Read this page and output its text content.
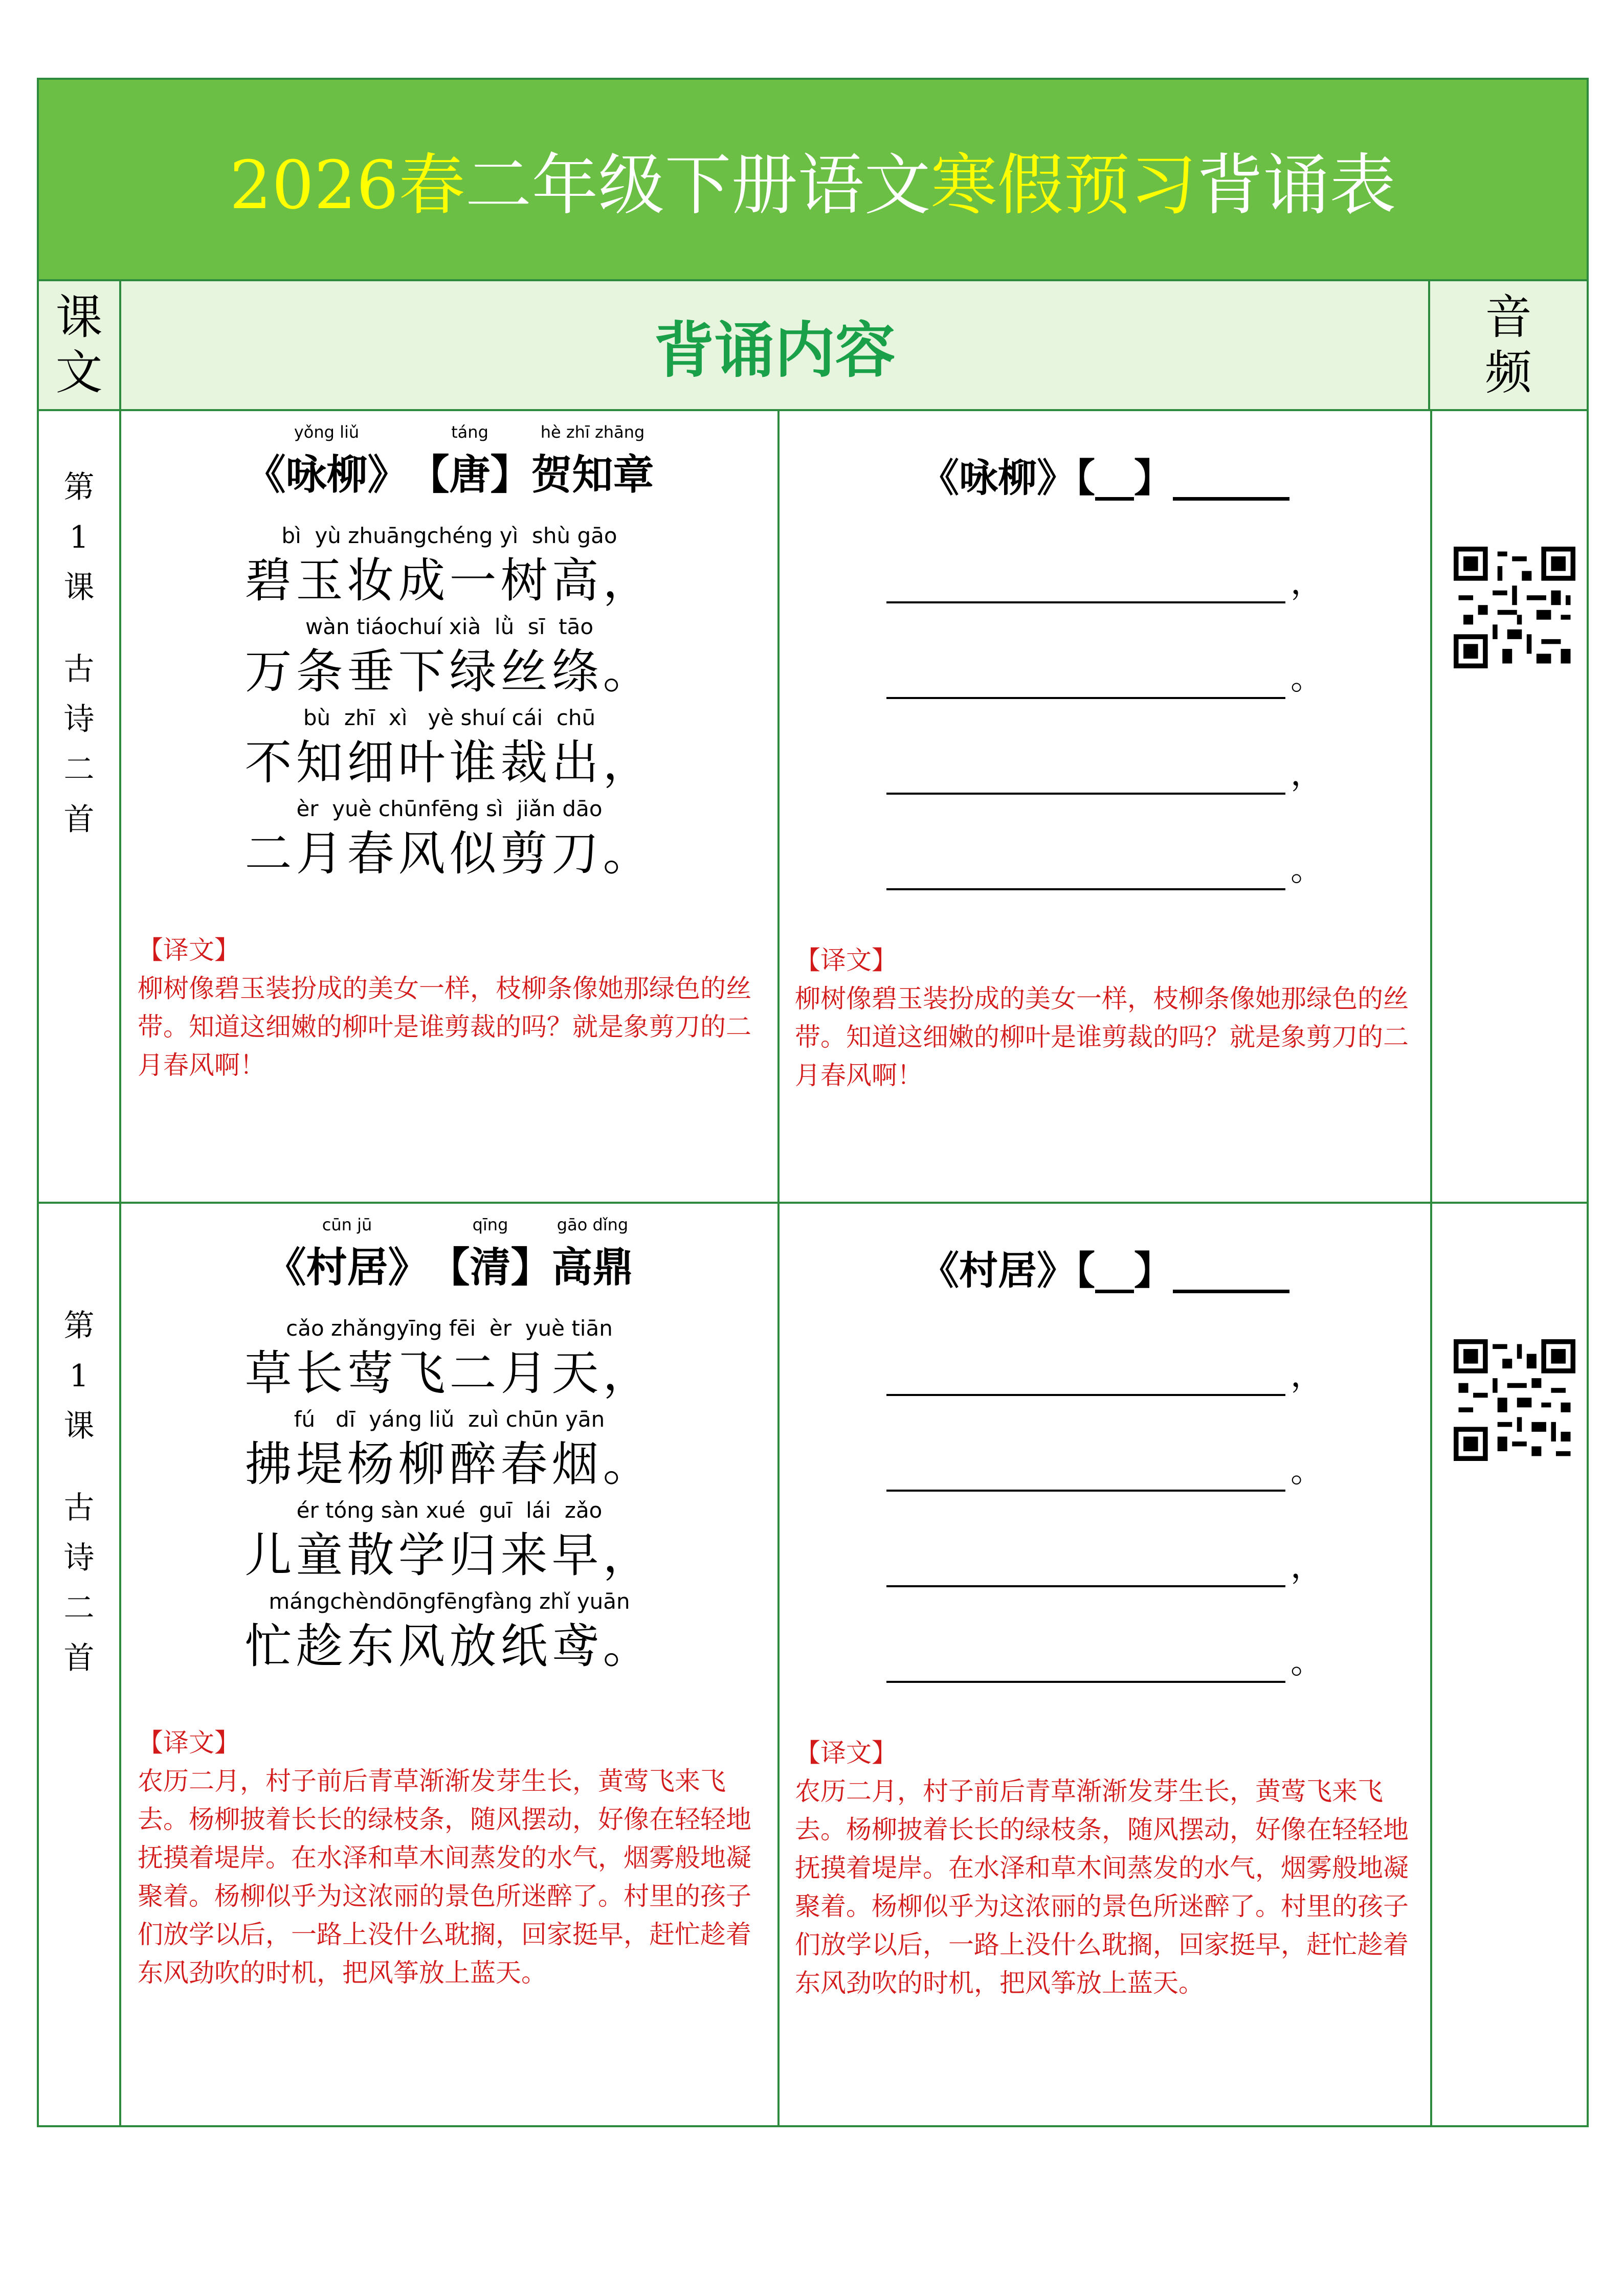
2026春 二年级下册语文 寒假预习 背诵表
课
文	背诵内容	音
频
第
1
课
古
诗
二
首
yǒng liǔ
《咏柳》
táng
【唐】
hè zhī zhāng
贺知章
bì  yù zhuāngchéng yì  shù gāo
碧玉妆成一树高，
wàn tiáochuí xià  lǜ  sī  tāo
万条垂下绿丝绦。
bù  zhī  xì   yè shuí cái  chū
不知细叶谁裁出，
èr  yuè chūnfēng sì  jiǎn dāo
二月春风似剪刀。
【译文】
柳树像碧玉装扮成的美女一样，枝柳条像她那绿色的丝带。知道这细嫩的柳叶是谁剪裁的吗？就是象剪刀的二月春风啊！
《咏柳》【__】______
，
。
，
。
【译文】
柳树像碧玉装扮成的美女一样，枝柳条像她那绿色的丝带。知道这细嫩的柳叶是谁剪裁的吗？就是象剪刀的二月春风啊！
第
1
课
古
诗
二
首
cūn jū
《村居》
qīng
【清】
gāo dǐng
高鼎
cǎo zhǎngyīng fēi  èr  yuè tiān
草长莺飞二月天，
fú   dī  yáng liǔ  zuì chūn yān
拂堤杨柳醉春烟。
ér tóng sàn xué  guī  lái  zǎo
儿童散学归来早，
mángchèndōngfēngfàng zhǐ yuān
忙趁东风放纸鸢。
【译文】
农历二月，村子前后青草渐渐发芽生长，黄莺飞来飞去。杨柳披着长长的绿枝条，随风摆动，好像在轻轻地抚摸着堤岸。在水泽和草木间蒸发的水气，烟雾般地凝聚着。杨柳似乎为这浓丽的景色所迷醉了。村里的孩子们放学以后，一路上没什么耽搁，回家挺早，赶忙趁着东风劲吹的时机，把风筝放上蓝天。
《村居》【__】______
，
。
，
。
【译文】
农历二月，村子前后青草渐渐发芽生长，黄莺飞来飞去。杨柳披着长长的绿枝条，随风摆动，好像在轻轻地抚摸着堤岸。在水泽和草木间蒸发的水气，烟雾般地凝聚着。杨柳似乎为这浓丽的景色所迷醉了。村里的孩子们放学以后，一路上没什么耽搁，回家挺早，赶忙趁着东风劲吹的时机，把风筝放上蓝天。
